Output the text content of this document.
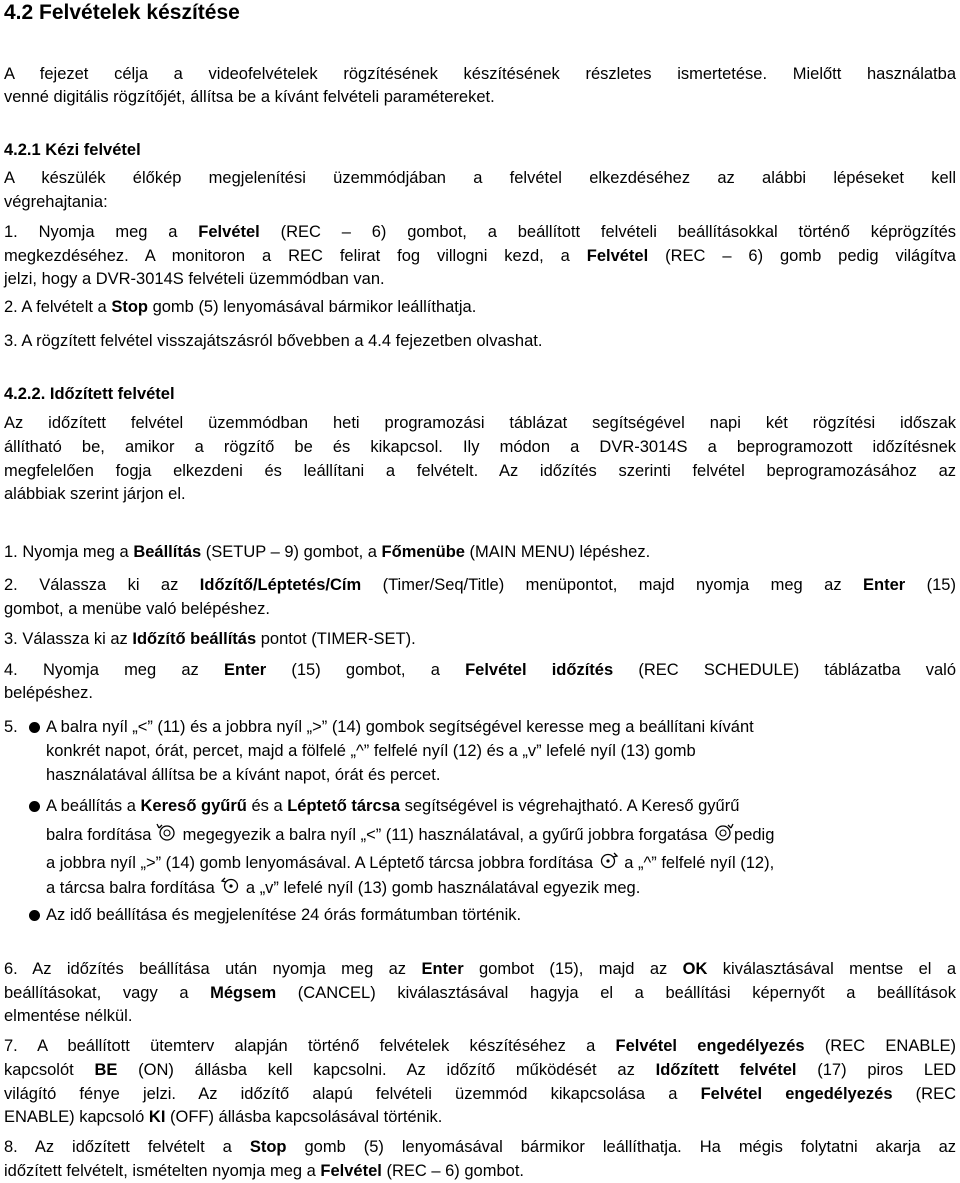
4.2 Felvételek készítése
A fejezet célja a videofelvételek rögzítésének készítésének részletes ismertetése. Mielőtt használatba
venné digitális rögzítőjét, állítsa be a kívánt felvételi paramétereket.
4.2.1 Kézi felvétel
A készülék élőkép megjelenítési üzemmódjában a felvétel elkezdéséhez az alábbi lépéseket kell
végrehajtania:
1. Nyomja meg a Felvétel (REC – 6) gombot, a beállított felvételi beállításokkal történő képrögzítés
megkezdéséhez. A monitoron a REC felirat fog villogni kezd, a Felvétel (REC – 6) gomb pedig világítva
jelzi, hogy a DVR-3014S felvételi üzemmódban van.
2. A felvételt a Stop gomb (5) lenyomásával bármikor leállíthatja.
3. A rögzített felvétel visszajátszásról bővebben a 4.4 fejezetben olvashat.
4.2.2. Időzített felvétel
Az időzített felvétel üzemmódban heti programozási táblázat segítségével napi két rögzítési időszak
állítható be, amikor a rögzítő be és kikapcsol. Ily módon a DVR-3014S a beprogramozott időzítésnek
megfelelően fogja elkezdeni és leállítani a felvételt. Az időzítés szerinti felvétel beprogramozásához az
alábbiak szerint járjon el.
1. Nyomja meg a Beállítás (SETUP – 9) gombot, a Főmenübe (MAIN MENU) lépéshez.
2. Válassza ki az Időzítő/Léptetés/Cím (Timer/Seq/Title) menüpontot, majd nyomja meg az Enter (15)
gombot, a menübe való belépéshez.
3. Válassza ki az Időzítő beállítás pontot (TIMER-SET).
4. Nyomja meg az Enter (15) gombot, a Felvétel időzítés (REC SCHEDULE) táblázatba való
belépéshez.
5.	A balra nyíl „<” (11) és a jobbra nyíl „>” (14) gombok segítségével keresse meg a beállítani kívánt
konkrét napot, órát, percet, majd a fölfelé „^” felfelé nyíl (12) és a „v” lefelé nyíl (13) gomb
használatával állítsa be a kívánt napot, órát és percet.
A beállítás a Kereső gyűrű és a Léptető tárcsa segítségével is végrehajtható. A Kereső gyűrű
balra fordítása
megegyezik a balra nyíl „<” (11) használatával, a gyűrű jobbra forgatása
pedig
a jobbra nyíl „>” (14) gomb lenyomásával. A Léptető tárcsa jobbra fordítása
a „^” felfelé nyíl (12),
a tárcsa balra fordítása
a „v” lefelé nyíl (13) gomb használatával egyezik meg.
Az idő beállítása és megjelenítése 24 órás formátumban történik.
6. Az időzítés beállítása után nyomja meg az Enter gombot (15), majd az OK kiválasztásával mentse el a
beállításokat, vagy a Mégsem (CANCEL) kiválasztásával hagyja el a beállítási képernyőt a beállítások
elmentése nélkül.
7. A beállított ütemterv alapján történő felvételek készítéséhez a Felvétel engedélyezés (REC ENABLE)
kapcsolót BE (ON) állásba kell kapcsolni. Az időzítő működését az Időzített felvétel (17) piros LED
világító fénye jelzi. Az időzítő alapú felvételi üzemmód kikapcsolása a Felvétel engedélyezés (REC
ENABLE) kapcsoló KI (OFF) állásba kapcsolásával történik.
8. Az időzített felvételt a Stop gomb (5) lenyomásával bármikor leállíthatja. Ha mégis folytatni akarja az
időzített felvételt, ismételten nyomja meg a Felvétel (REC – 6) gombot.
